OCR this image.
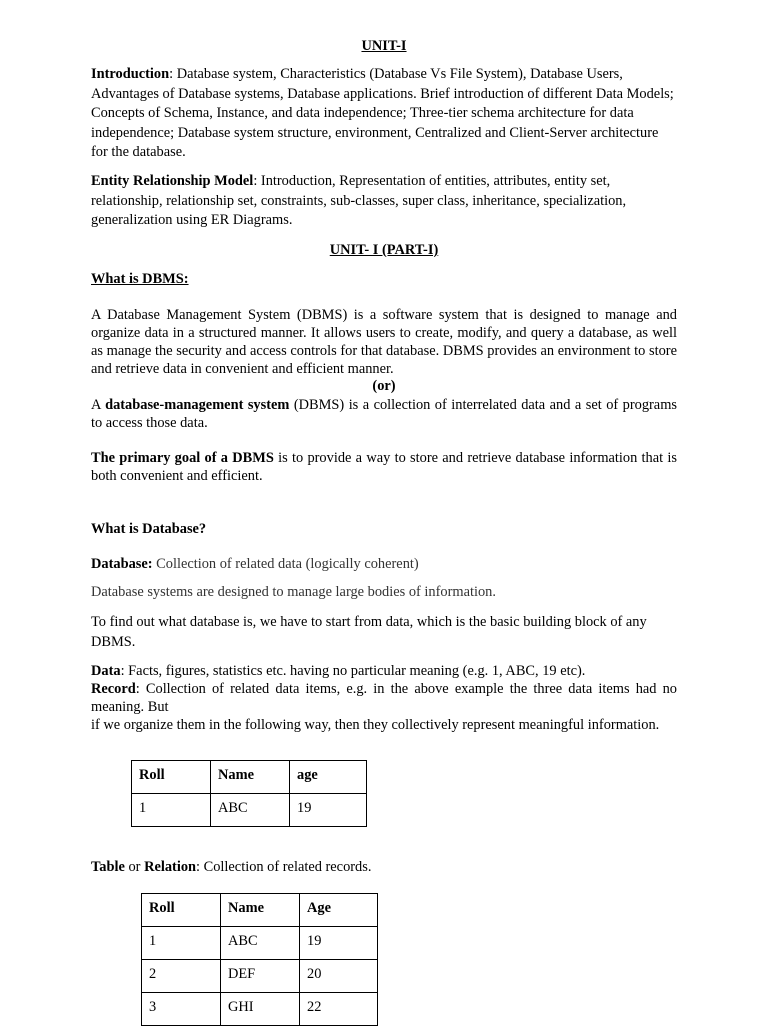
UNIT-I

Introduction: Database system, Characteristics (Database Vs File System), Database Users, Advantages of Database systems, Database applications. Brief introduction of different Data Models; Concepts of Schema, Instance, and data independence; Three-tier schema architecture for data independence; Database system structure, environment, Centralized and Client-Server architecture for the database.

Entity Relationship Model: Introduction, Representation of entities, attributes, entity set, relationship, relationship set, constraints, sub-classes, super class, inheritance, specialization, generalization using ER Diagrams.

UNIT- I (PART-I)

What is DBMS:

A Database Management System (DBMS) is a software system that is designed to manage and organize data in a structured manner. It allows users to create, modify, and query a database, as well as manage the security and access controls for that database. DBMS provides an environment to store and retrieve data in convenient and efficient manner.

(or)

A database-management system (DBMS) is a collection of interrelated data and a set of programs to access those data.

The primary goal of a DBMS is to provide a way to store and retrieve database information that is both convenient and efficient.

What is Database?

Database: Collection of related data (logically coherent)

Database systems are designed to manage large bodies of information.

To find out what database is, we have to start from data, which is the basic building block of any DBMS.

Data: Facts, figures, statistics etc. having no particular meaning (e.g. 1, ABC, 19 etc).

Record: Collection of related data items, e.g. in the above example the three data items had no meaning. But

if we organize them in the following way, then they collectively represent meaningful information.

Roll	Name	age
1	ABC	19

Table or Relation: Collection of related records.

Roll	Name	Age
1	ABC	19
2	DEF	20
3	GHI	22
